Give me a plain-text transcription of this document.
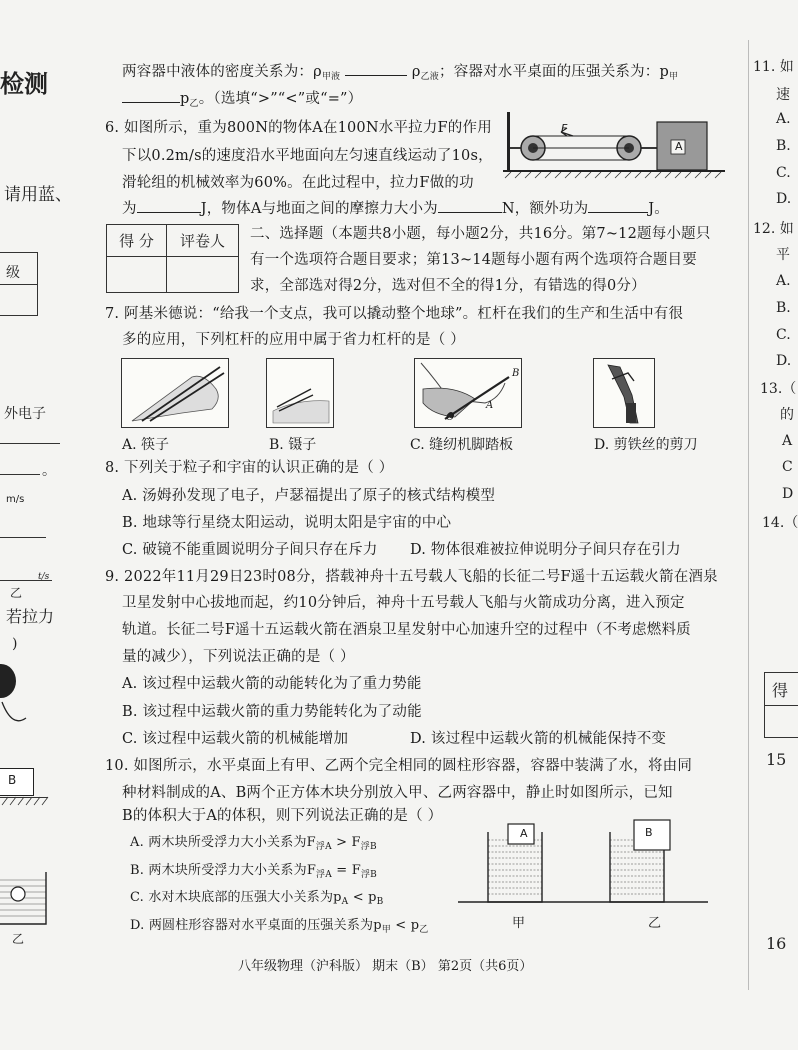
检测
请用蓝、
级
外电子
。
m/s
乙
t/s
若拉力
)
B
乙
11. 如
速
A.
B.
C.
D.
12. 如
平
A.
B.
C.
D.
13.（
的
A
C
D
14.（
得
15
16
两容器中液体的密度关系为：$\rho_{甲液}$	$\rho_{乙液}$；容器对水平桌面的压强关系为：$p_甲$
$p_乙$。（选填“>”“<”或“=”）
6. 如图所示，重为800N的物体A在100N水平拉力F的作用
下以0.2m/s的速度沿水平地面向左匀速直线运动了10s，
滑轮组的机械效率为60%。在此过程中，拉力F做的功
为	J，物体A与地面之间的摩擦力大小为	N，额外功为	J。
F
A
得 分	评卷人
	二、选择题（本题共8小题，每小题2分，共16分。第7~12题每小题只
有一个选项符合题目要求；第13~14题每小题有两个选项符合题目要
求，全部选对得2分，选对但不全的得1分，有错选的得0分）
7. 阿基米德说：“给我一个支点，我可以撬动整个地球”。杠杆在我们的生产和生活中有很
多的应用，下列杠杆的应用中属于省力杠杆的是（ ）
B
A
O
A. 筷子	B. 镊子	C. 缝纫机脚踏板	D. 剪铁丝的剪刀
8. 下列关于粒子和宇宙的认识正确的是（ ）
A. 汤姆孙发现了电子，卢瑟福提出了原子的核式结构模型
B. 地球等行星绕太阳运动，说明太阳是宇宙的中心
C. 破镜不能重圆说明分子间只存在斥力 D. 物体很难被拉伸说明分子间只存在引力
9. 2022年11月29日23时08分，搭载神舟十五号载人飞船的长征二号F遥十五运载火箭在酒泉
卫星发射中心拔地而起，约10分钟后，神舟十五号载人飞船与火箭成功分离，进入预定
轨道。长征二号F遥十五运载火箭在酒泉卫星发射中心加速升空的过程中（不考虑燃料质
量的减少），下列说法正确的是（ ）
A. 该过程中运载火箭的动能转化为了重力势能
B. 该过程中运载火箭的重力势能转化为了动能
C. 该过程中运载火箭的机械能增加	D. 该过程中运载火箭的机械能保持不变
10. 如图所示，水平桌面上有甲、乙两个完全相同的圆柱形容器，容器中装满了水，将由同
种材料制成的A、B两个正方体木块分别放入甲、乙两容器中，静止时如图所示，已知
B的体积大于A的体积，则下列说法正确的是（ ）
A. 两木块所受浮力大小关系为$F_{浮A} > F_{浮B}$
B. 两木块所受浮力大小关系为$F_{浮A} = F_{浮B}$
C. 水对木块底部的压强大小关系为$p_A < p_B$
D. 两圆柱形容器对水平桌面的压强关系为$p_甲 < p_乙$
A	B
甲	乙
八年级物理（沪科版） 期末（B） 第2页（共6页）
